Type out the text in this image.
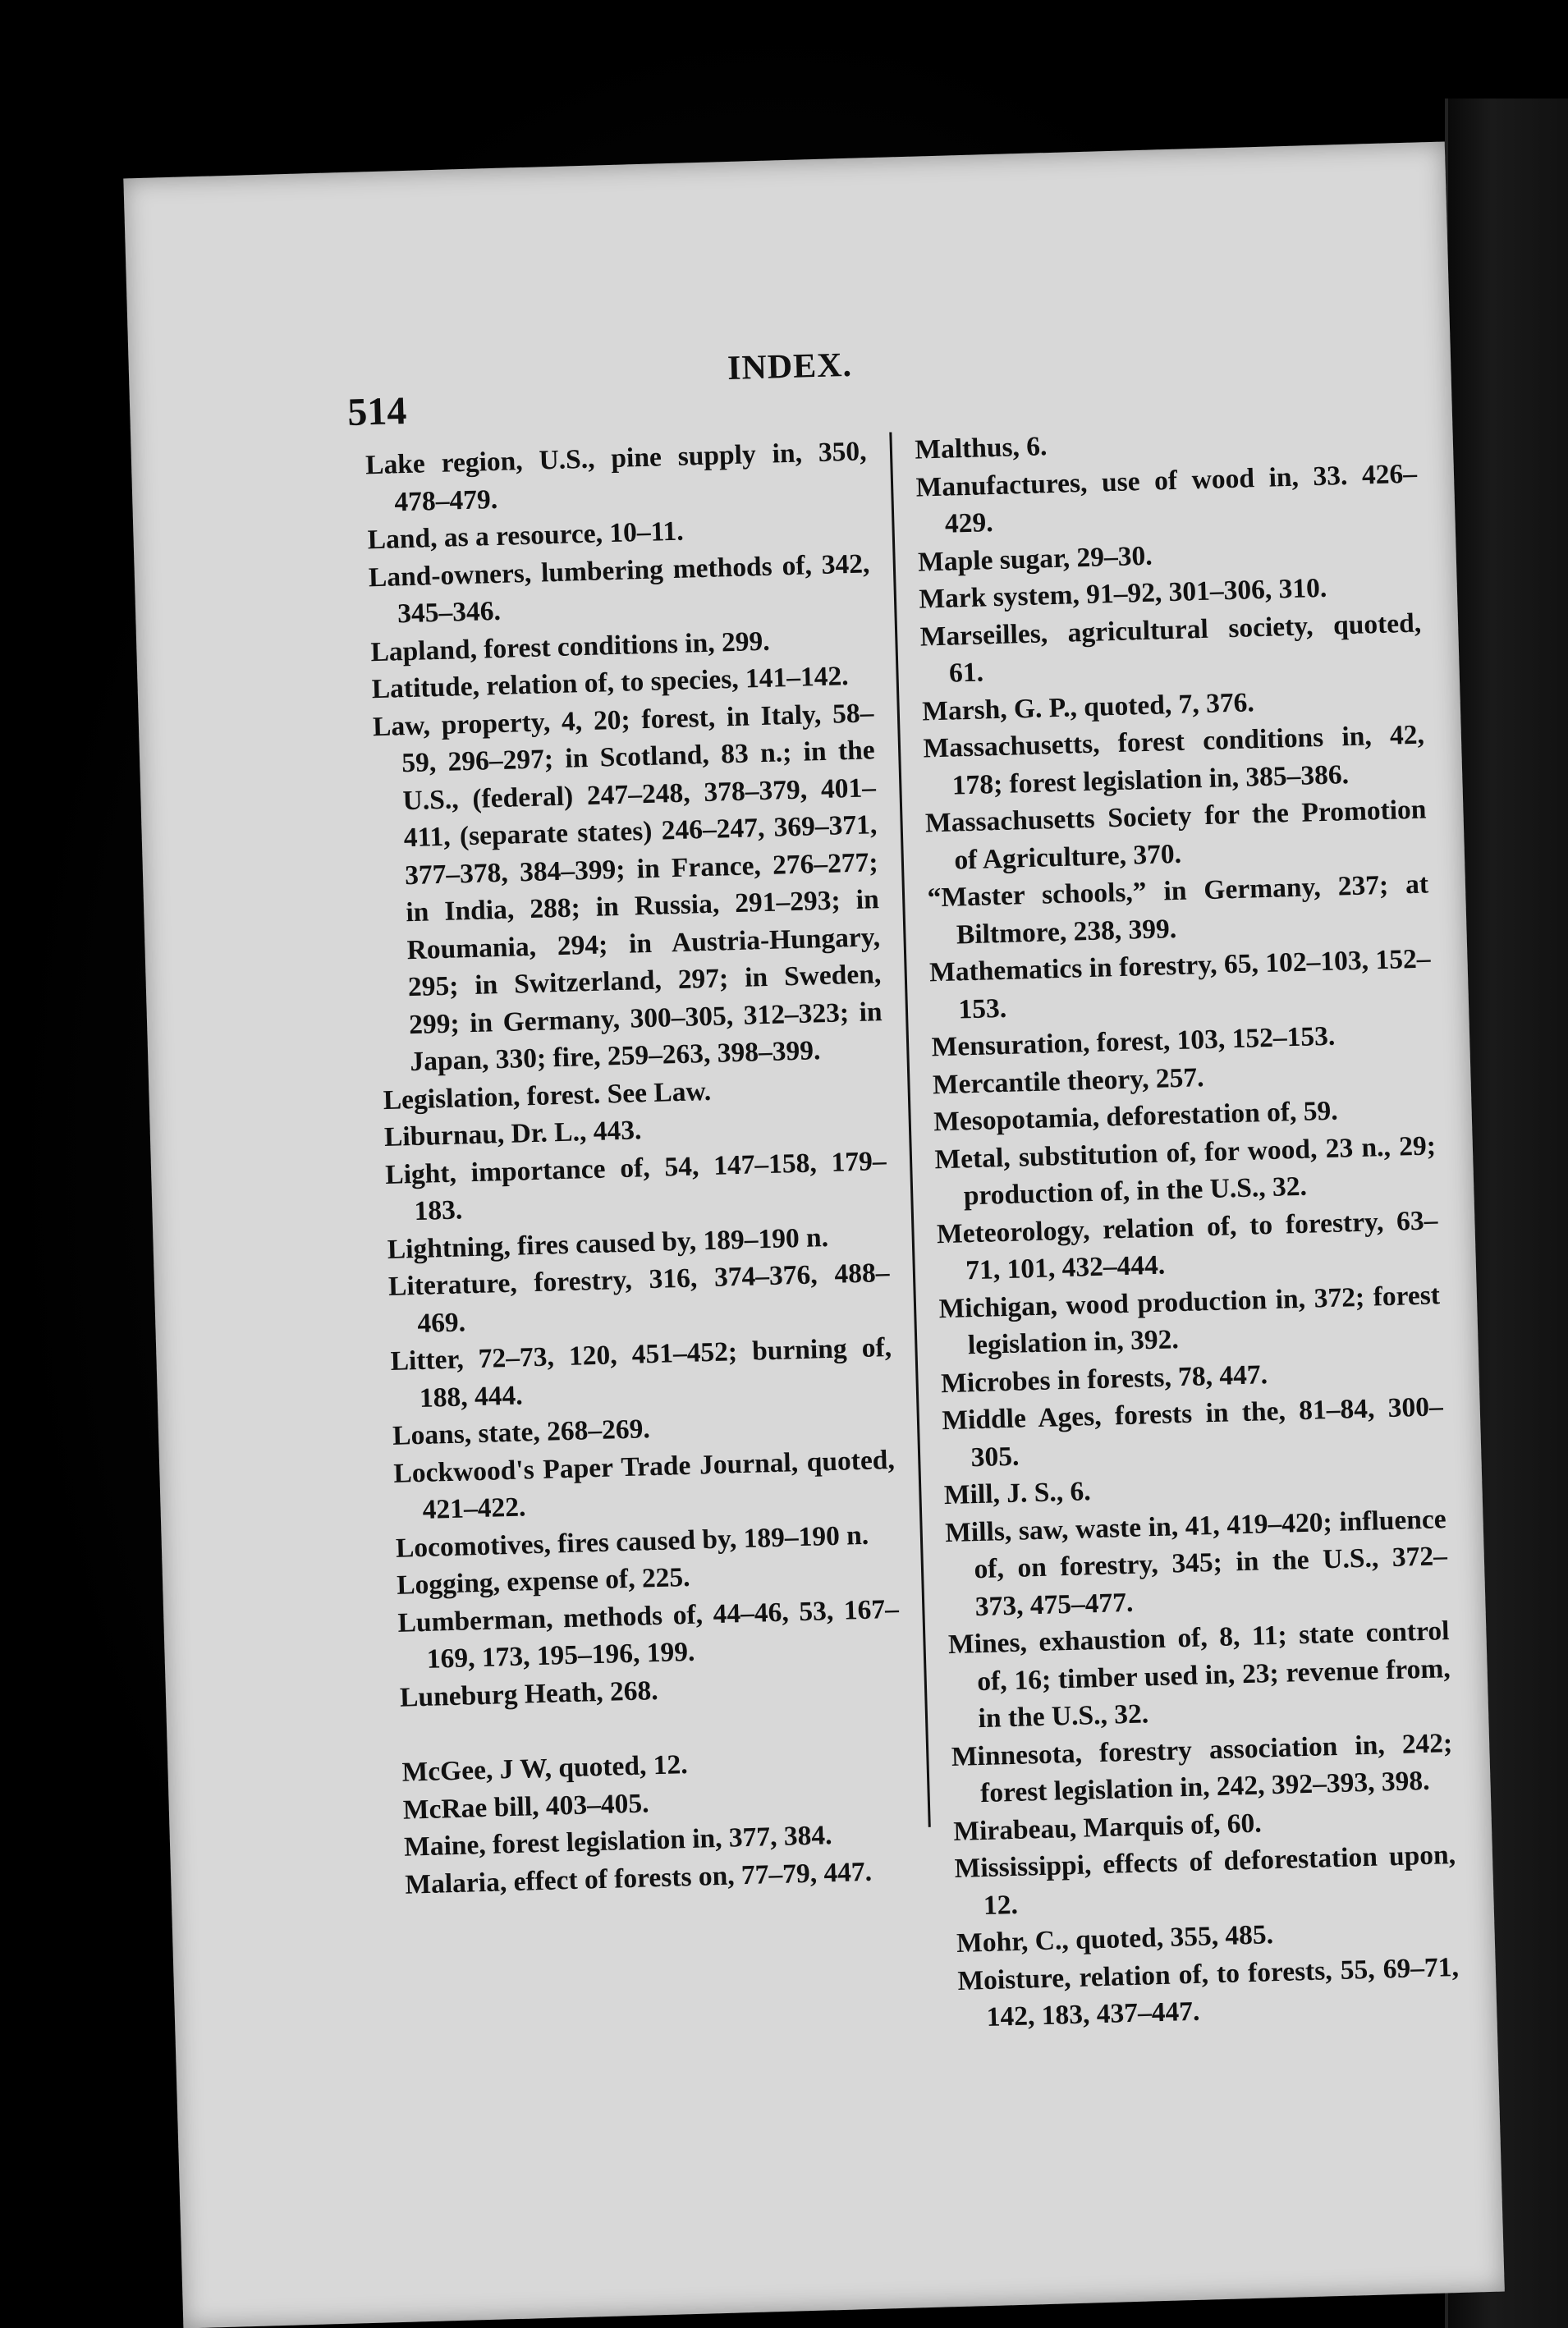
514
INDEX.

Lake region, U.S., pine supply in, 350, 478–479.

Land, as a resource, 10–11.

Land-owners, lumbering methods of, 342, 345–346.

Lapland, forest conditions in, 299.

Latitude, relation of, to species, 141–142.

Law, property, 4, 20; forest, in Italy, 58–59, 296–297; in Scotland, 83 n.; in the U.S., (federal) 247–248, 378–379, 401–411, (separate states) 246–247, 369–371, 377–378, 384–399; in France, 276–277; in India, 288; in Russia, 291–293; in Roumania, 294; in Austria-Hungary, 295; in Switzerland, 297; in Sweden, 299; in Germany, 300–305, 312–323; in Japan, 330; fire, 259–263, 398–399.

Legislation, forest. See Law.

Liburnau, Dr. L., 443.

Light, importance of, 54, 147–158, 179–183.

Lightning, fires caused by, 189–190 n.

Literature, forestry, 316, 374–376, 488–469.

Litter, 72–73, 120, 451–452; burning of, 188, 444.

Loans, state, 268–269.

Lockwood's Paper Trade Journal, quoted, 421–422.

Locomotives, fires caused by, 189–190 n.

Logging, expense of, 225.

Lumberman, methods of, 44–46, 53, 167–169, 173, 195–196, 199.

Luneburg Heath, 268.

McGee, J W, quoted, 12.

McRae bill, 403–405.

Maine, forest legislation in, 377, 384.

Malaria, effect of forests on, 77–79, 447.

Malthus, 6.

Manufactures, use of wood in, 33. 426–429.

Maple sugar, 29–30.

Mark system, 91–92, 301–306, 310.

Marseilles, agricultural society, quoted, 61.

Marsh, G. P., quoted, 7, 376.

Massachusetts, forest conditions in, 42, 178; forest legislation in, 385–386.

Massachusetts Society for the Promotion of Agriculture, 370.

“Master schools,” in Germany, 237; at Biltmore, 238, 399.

Mathematics in forestry, 65, 102–103, 152–153.

Mensuration, forest, 103, 152–153.

Mercantile theory, 257.

Mesopotamia, deforestation of, 59.

Metal, substitution of, for wood, 23 n., 29; production of, in the U.S., 32.

Meteorology, relation of, to forestry, 63–71, 101, 432–444.

Michigan, wood production in, 372; forest legislation in, 392.

Microbes in forests, 78, 447.

Middle Ages, forests in the, 81–84, 300–305.

Mill, J. S., 6.

Mills, saw, waste in, 41, 419–420; influence of, on forestry, 345; in the U.S., 372–373, 475–477.

Mines, exhaustion of, 8, 11; state control of, 16; timber used in, 23; revenue from, in the U.S., 32.

Minnesota, forestry association in, 242; forest legislation in, 242, 392–393, 398.

Mirabeau, Marquis of, 60.

Mississippi, effects of deforestation upon, 12.

Mohr, C., quoted, 355, 485.

Moisture, relation of, to forests, 55, 69–71, 142, 183, 437–447.
